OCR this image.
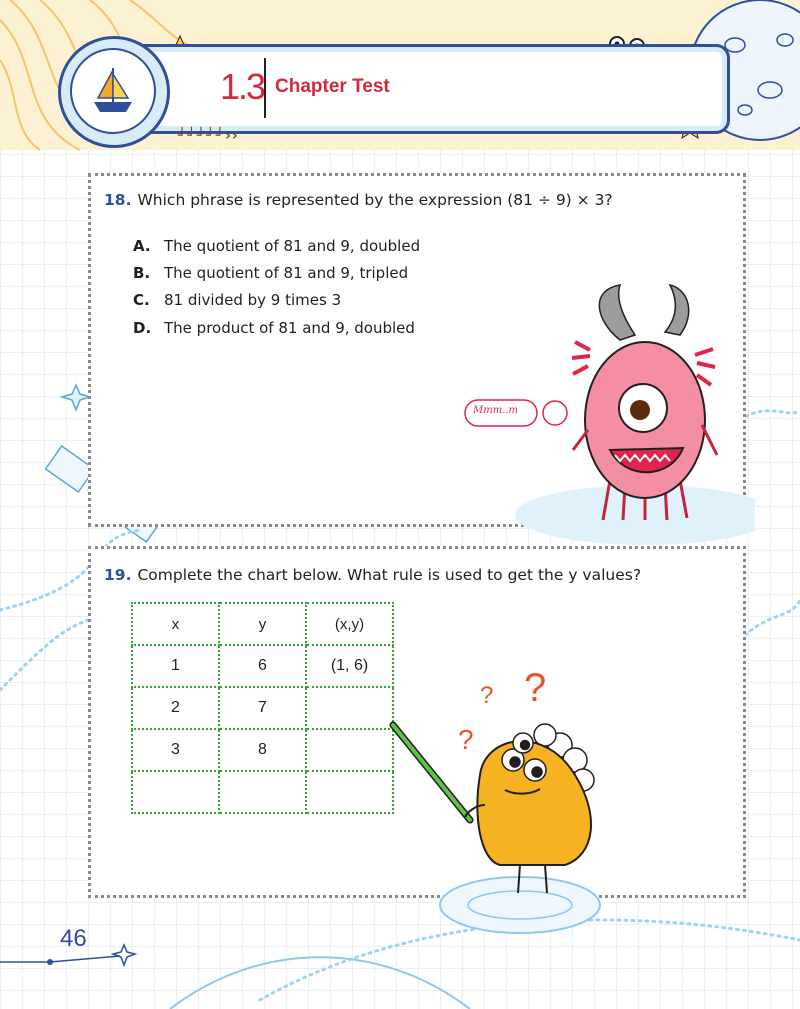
1.3 Chapter Test
┘┘┘┘┘››
18. Which phrase is represented by the expression (81 ÷ 9) × 3?
A. The quotient of 81 and 9, doubled
B. The quotient of 81 and 9, tripled
C. 81 divided by 9 times 3
D. The product of 81 and 9, doubled
Mmm..m
19. Complete the chart below. What rule is used to get the y values?
x	y	(x,y)
1	6	(1, 6)
2	7	
3	8	

? ?
?
46
